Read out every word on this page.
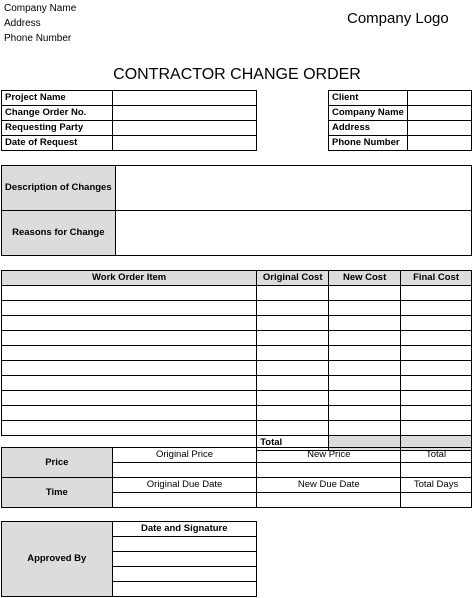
Company Name
Address
Phone Number
Company Logo
CONTRACTOR CHANGE ORDER
Project Name	
Change Order No.	
Requesting Party	
Date of Request	
Client	
Company Name	
Address	
Phone Number	
Description of Changes	
Reasons for Change	
Work Order Item	Original Cost	New Cost	Final Cost

	Total		
Price	Original Price	New Price	Total

Time	Original Due Date	New Due Date	Total Days

Approved By	Date and Signature
